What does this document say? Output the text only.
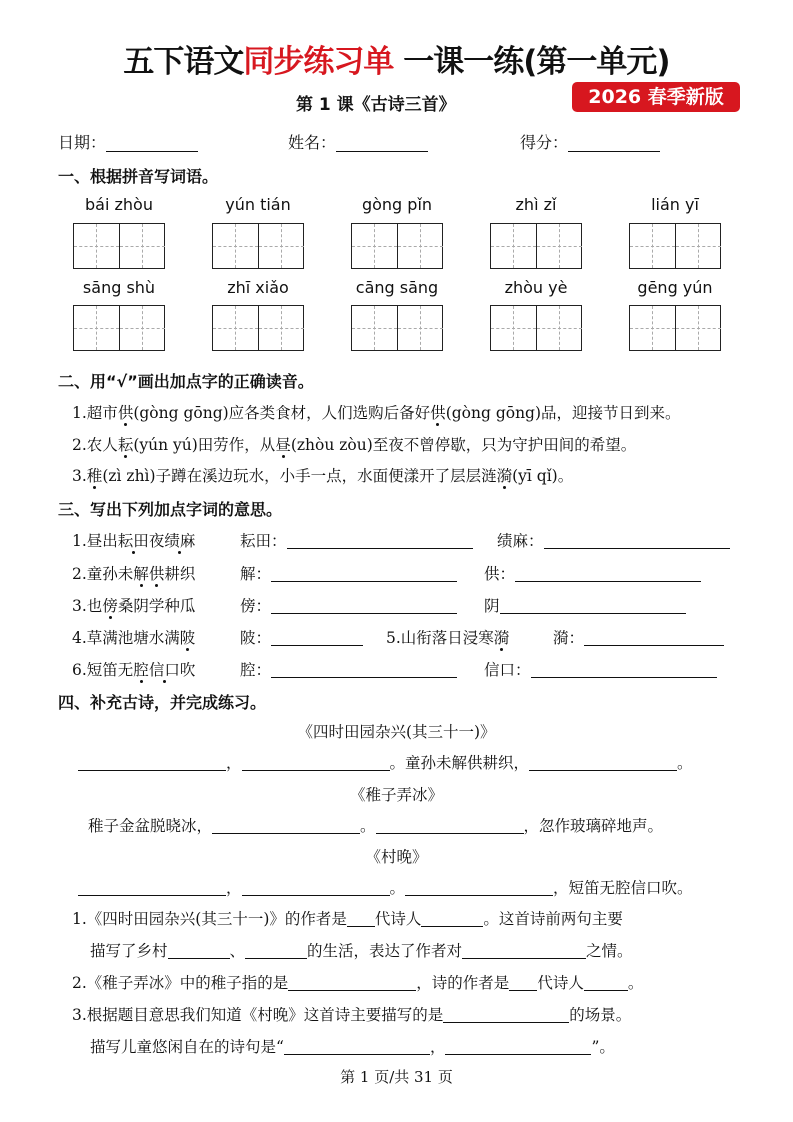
五下语文同步练习单 一课一练(第一单元)
第 1 课《古诗三首》	2026 春季新版
日期：	姓名：	得分：
一、根据拼音写词语。
bái zhòu	yún tián	gòng pǐn	zhì zǐ	lián yī
sāng shù	zhī xiǎo	cāng sāng	zhòu yè	gēng yún
二、用“√”画出加点字的正确读音。
1.超市供(gòng gōng)应各类食材，人们选购后备好供(gòng gōng)品，迎接节日到来。
2.农人耘(yún yú)田劳作，从昼(zhòu zòu)至夜不曾停歇，只为守护田间的希望。
3.稚(zì zhì)子蹲在溪边玩水，小手一点，水面便漾开了层层涟漪(yī qǐ)。
三、写出下列加点字词的意思。
1.昼出耘田夜绩麻	耘田：	绩麻：
2.童孙未解供耕织	解：	供：
3.也傍桑阴学种瓜	傍：	阴
4.草满池塘水满陂	陂：	5.山衔落日浸寒漪	漪：
6.短笛无腔信口吹	腔：	信口：
四、补充古诗，并完成练习。
《四时田园杂兴(其三十一)》
，	。童孙未解供耕织，	。
《稚子弄冰》
稚子金盆脱晓冰，	。	，忽作玻璃碎地声。
《村晚》
，	。	，短笛无腔信口吹。
1.《四时田园杂兴(其三十一)》的作者是 代诗人	。这首诗前两句主要
描写了乡村	、	的生活，表达了作者对	之情。
2.《稚子弄冰》中的稚子指的是	，诗的作者是 代诗人	。
3.根据题目意思我们知道《村晚》这首诗主要描写的是	的场景。
描写儿童悠闲自在的诗句是“	，	”。
第 1 页/共 31 页
